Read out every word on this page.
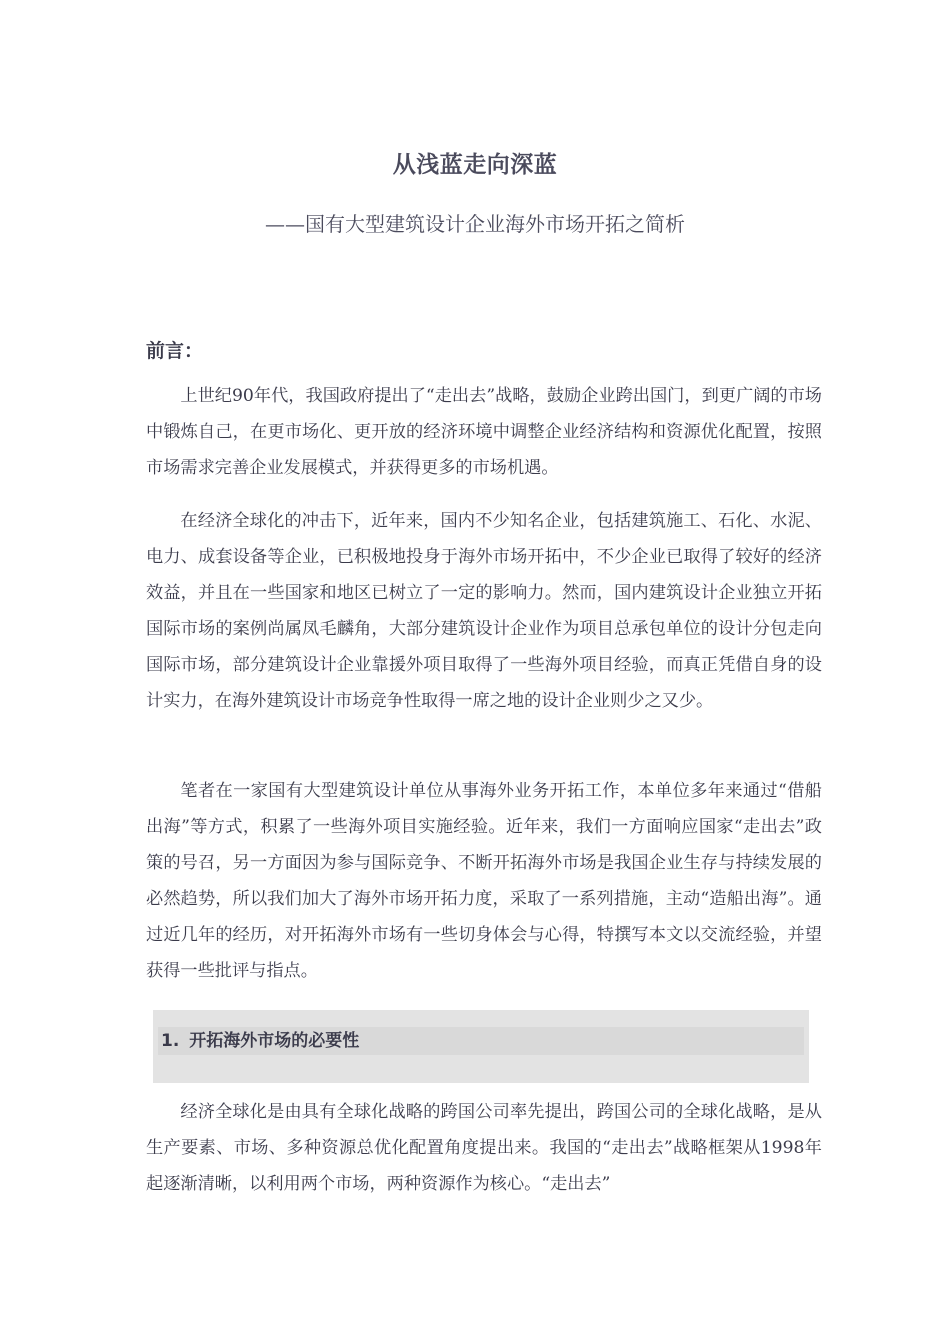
从浅蓝走向深蓝
——国有大型建筑设计企业海外市场开拓之简析
前言：
上世纪90年代，我国政府提出了“走出去”战略，鼓励企业跨出国门，到更广阔的市场中锻炼自己，在更市场化、更开放的经济环境中调整企业经济结构和资源优化配置，按照市场需求完善企业发展模式，并获得更多的市场机遇。
在经济全球化的冲击下，近年来，国内不少知名企业，包括建筑施工、石化、水泥、电力、成套设备等企业，已积极地投身于海外市场开拓中，不少企业已取得了较好的经济效益，并且在一些国家和地区已树立了一定的影响力。然而，国内建筑设计企业独立开拓国际市场的案例尚属凤毛麟角，大部分建筑设计企业作为项目总承包单位的设计分包走向国际市场，部分建筑设计企业靠援外项目取得了一些海外项目经验，而真正凭借自身的设计实力，在海外建筑设计市场竞争性取得一席之地的设计企业则少之又少。
笔者在一家国有大型建筑设计单位从事海外业务开拓工作，本单位多年来通过“借船出海”等方式，积累了一些海外项目实施经验。近年来，我们一方面响应国家“走出去”政策的号召，另一方面因为参与国际竞争、不断开拓海外市场是我国企业生存与持续发展的必然趋势，所以我们加大了海外市场开拓力度，采取了一系列措施，主动“造船出海”。通过近几年的经历，对开拓海外市场有一些切身体会与心得，特撰写本文以交流经验，并望获得一些批评与指点。
1. 开拓海外市场的必要性
经济全球化是由具有全球化战略的跨国公司率先提出，跨国公司的全球化战略，是从生产要素、市场、多种资源总优化配置角度提出来。我国的“走出去”战略框架从1998年起逐渐清晰，以利用两个市场，两种资源作为核心。“走出去”
